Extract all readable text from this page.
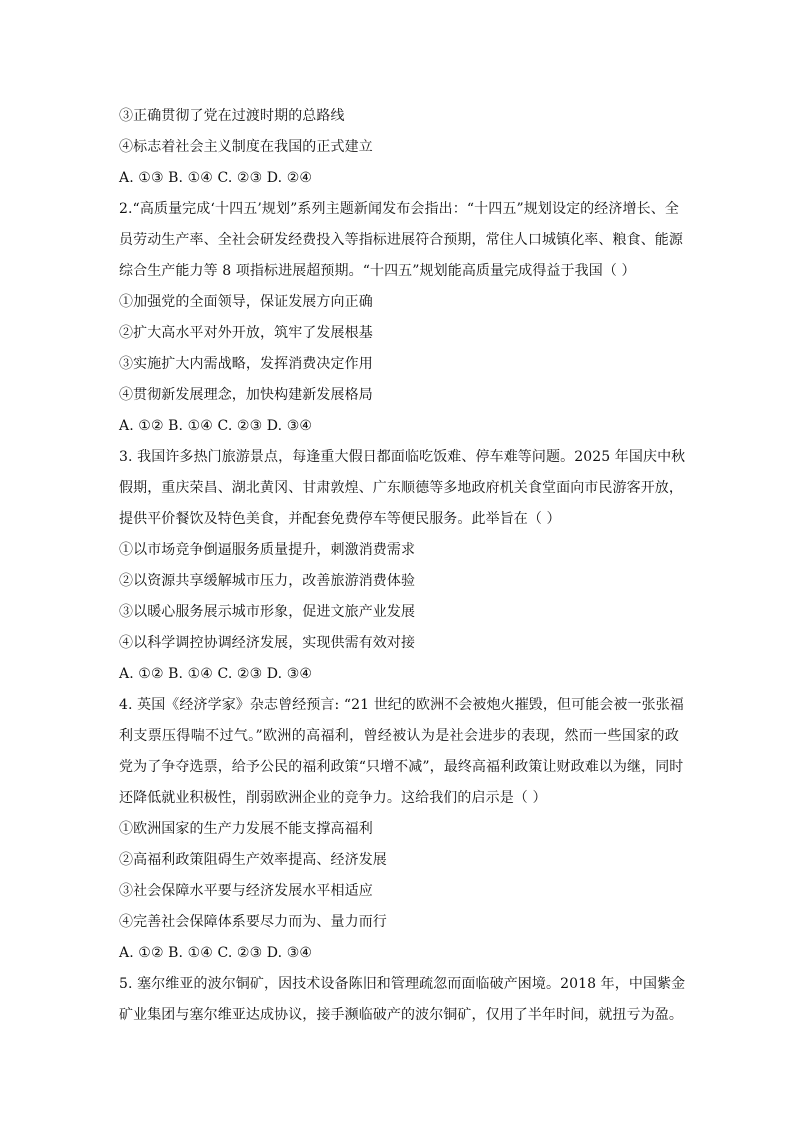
③正确贯彻了党在过渡时期的总路线
④标志着社会主义制度在我国的正式建立
A. ①③ B. ①④ C. ②③ D. ②④
2.“高质量完成‘十四五’规划”系列主题新闻发布会指出：“十四五”规划设定的经济增长、全
员劳动生产率、全社会研发经费投入等指标进展符合预期，常住人口城镇化率、粮食、能源
综合生产能力等 8 项指标进展超预期。“十四五”规划能高质量完成得益于我国（ ）
①加强党的全面领导，保证发展方向正确
②扩大高水平对外开放，筑牢了发展根基
③实施扩大内需战略，发挥消费决定作用
④贯彻新发展理念，加快构建新发展格局
A. ①② B. ①④ C. ②③ D. ③④
3. 我国许多热门旅游景点，每逢重大假日都面临吃饭难、停车难等问题。2025 年国庆中秋
假期，重庆荣昌、湖北黄冈、甘肃敦煌、广东顺德等多地政府机关食堂面向市民游客开放，
提供平价餐饮及特色美食，并配套免费停车等便民服务。此举旨在（ ）
①以市场竞争倒逼服务质量提升，刺激消费需求
②以资源共享缓解城市压力，改善旅游消费体验
③以暖心服务展示城市形象，促进文旅产业发展
④以科学调控协调经济发展，实现供需有效对接
A. ①② B. ①④ C. ②③ D. ③④
4. 英国《经济学家》杂志曾经预言: “21 世纪的欧洲不会被炮火摧毁，但可能会被一张张福
利支票压得喘不过气。”欧洲的高福利，曾经被认为是社会进步的表现，然而一些国家的政
党为了争夺选票，给予公民的福利政策“只增不减”，最终高福利政策让财政难以为继，同时
还降低就业积极性，削弱欧洲企业的竞争力。这给我们的启示是（ ）
①欧洲国家的生产力发展不能支撑高福利
②高福利政策阻碍生产效率提高、经济发展
③社会保障水平要与经济发展水平相适应
④完善社会保障体系要尽力而为、量力而行
A. ①② B. ①④ C. ②③ D. ③④
5. 塞尔维亚的波尔铜矿，因技术设备陈旧和管理疏忽而面临破产困境。2018 年，中国紫金
矿业集团与塞尔维亚达成协议，接手濒临破产的波尔铜矿，仅用了半年时间，就扭亏为盈。
